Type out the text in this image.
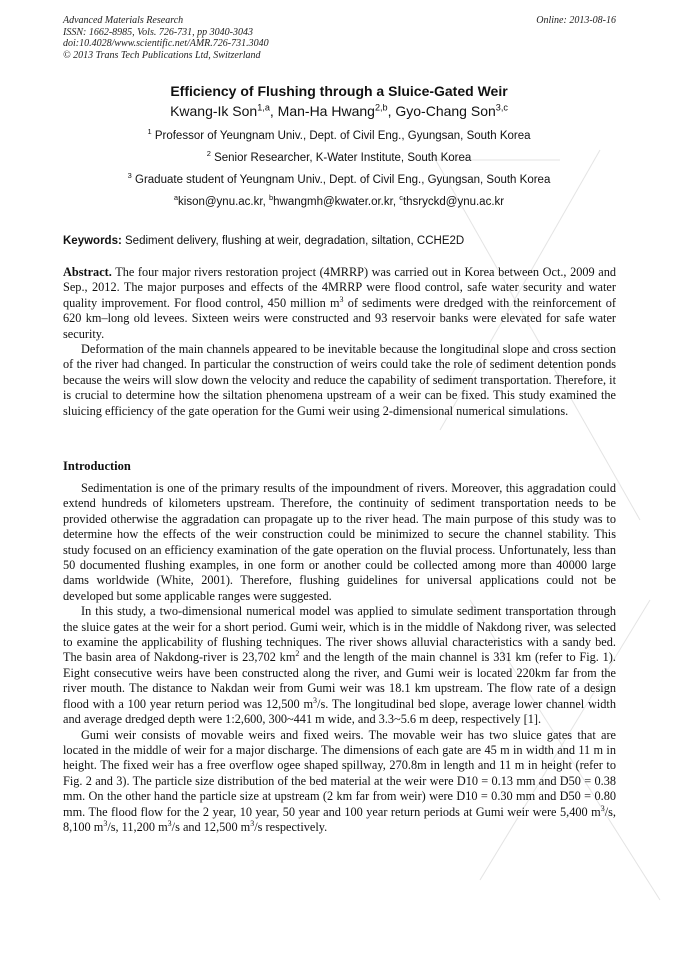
Advanced Materials Research
ISSN: 1662-8985, Vols. 726-731, pp 3040-3043
doi:10.4028/www.scientific.net/AMR.726-731.3040
© 2013 Trans Tech Publications Ltd, Switzerland
Online: 2013-08-16
Efficiency of Flushing through a Sluice-Gated Weir
Kwang-Ik Son$^{1,a}$, Man-Ha Hwang$^{2,b}$, Gyo-Chang Son$^{3,c}$
$^1$ Professor of Yeungnam Univ., Dept. of Civil Eng., Gyungsan, South Korea
$^2$ Senior Researcher, K-Water Institute, South Korea
$^3$ Graduate student of Yeungnam Univ., Dept. of Civil Eng., Gyungsan, South Korea
$^a$kison@ynu.ac.kr, $^b$hwangmh@kwater.or.kr, $^c$thsryckd@ynu.ac.kr
Keywords: Sediment delivery, flushing at weir, degradation, siltation, CCHE2D

Abstract. The four major rivers restoration project (4MRRP) was carried out in Korea between Oct., 2009 and Sep., 2012. The major purposes and effects of the 4MRRP were flood control, safe water security and water quality improvement. For flood control, 450 million $m^3$ of sediments were dredged with the reinforcement of 620 km–long old levees. Sixteen weirs were constructed and 93 reservoir banks were elevated for safe water security.

Deformation of the main channels appeared to be inevitable because the longitudinal slope and cross section of the river had changed. In particular the construction of weirs could take the role of sediment detention ponds because the weirs will slow down the velocity and reduce the capability of sediment transportation. Therefore, it is crucial to determine how the siltation phenomena upstream of a weir can be fixed. This study examined the sluicing efficiency of the gate operation for the Gumi weir using 2-dimensional numerical simulations.

Introduction

Sedimentation is one of the primary results of the impoundment of rivers. Moreover, this aggradation could extend hundreds of kilometers upstream. Therefore, the continuity of sediment transportation needs to be provided otherwise the aggradation can propagate up to the river head. The main purpose of this study was to determine how the effects of the weir construction could be minimized to secure the channel stability. This study focused on an efficiency examination of the gate operation on the fluvial process. Unfortunately, less than 50 documented flushing examples, in one form or another could be collected among more than 40000 large dams worldwide (White, 2001). Therefore, flushing guidelines for universal applications could not be developed but some applicable ranges were suggested.

In this study, a two-dimensional numerical model was applied to simulate sediment transportation through the sluice gates at the weir for a short period. Gumi weir, which is in the middle of Nakdong river, was selected to examine the applicability of flushing techniques. The river shows alluvial characteristics with a sandy bed. The basin area of Nakdong-river is 23,702 $km^2$ and the length of the main channel is 331 km (refer to Fig. 1). Eight consecutive weirs have been constructed along the river, and Gumi weir is located 220km far from the river mouth. The distance to Nakdan weir from Gumi weir was 18.1 km upstream. The flow rate of a design flood with a 100 year return period was 12,500 $m^3/s$. The longitudinal bed slope, average lower channel width and average dredged depth were 1:2,600, 300~441 m wide, and 3.3~5.6 m deep, respectively [1].

Gumi weir consists of movable weirs and fixed weirs. The movable weir has two sluice gates that are located in the middle of weir for a major discharge. The dimensions of each gate are 45 m in width and 11 m in height. The fixed weir has a free overflow ogee shaped spillway, 270.8m in length and 11 m in height (refer to Fig. 2 and 3). The particle size distribution of the bed material at the weir were D10 = 0.13 mm and D50 = 0.38 mm. On the other hand the particle size at upstream (2 km far from weir) were D10 = 0.30 mm and D50 = 0.80 mm. The flood flow for the 2 year, 10 year, 50 year and 100 year return periods at Gumi weir were 5,400 $m^3/s$, 8,100 $m^3/s$, 11,200 $m^3/s$ and 12,500 $m^3/s$ respectively.
